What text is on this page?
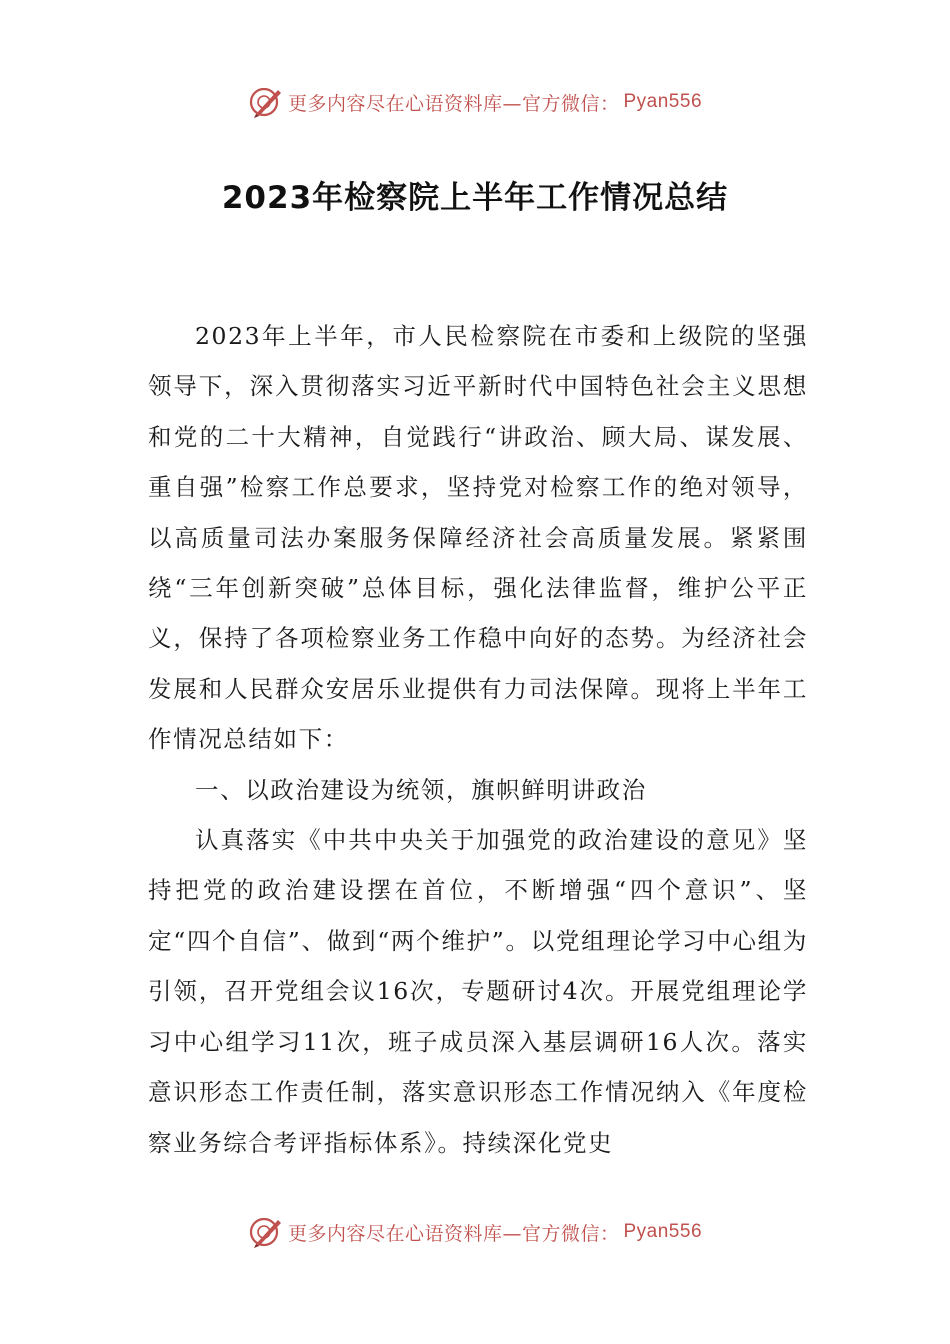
更多内容尽在心语资料库—官方微信： Pyan556
2023年检察院上半年工作情况总结

2023年上半年，市人民检察院在市委和上级院的坚强领导下，深入贯彻落实习近平新时代中国特色社会主义思想和党的二十大精神，自觉践行“讲政治、顾大局、谋发展、重自强”检察工作总要求，坚持党对检察工作的绝对领导，以高质量司法办案服务保障经济社会高质量发展。紧紧围绕“三年创新突破”总体目标，强化法律监督，维护公平正义，保持了各项检察业务工作稳中向好的态势。为经济社会发展和人民群众安居乐业提供有力司法保障。现将上半年工作情况总结如下：

一、以政治建设为统领，旗帜鲜明讲政治

认真落实《中共中央关于加强党的政治建设的意见》坚持把党的政治建设摆在首位，不断增强“四个意识”、坚定“四个自信”、做到“两个维护”。以党组理论学习中心组为引领，召开党组会议16次，专题研讨4次。开展党组理论学习中心组学习11次，班子成员深入基层调研16人次。落实意识形态工作责任制，落实意识形态工作情况纳入《年度检察业务综合考评指标体系》。持续深化党史

更多内容尽在心语资料库—官方微信： Pyan556
